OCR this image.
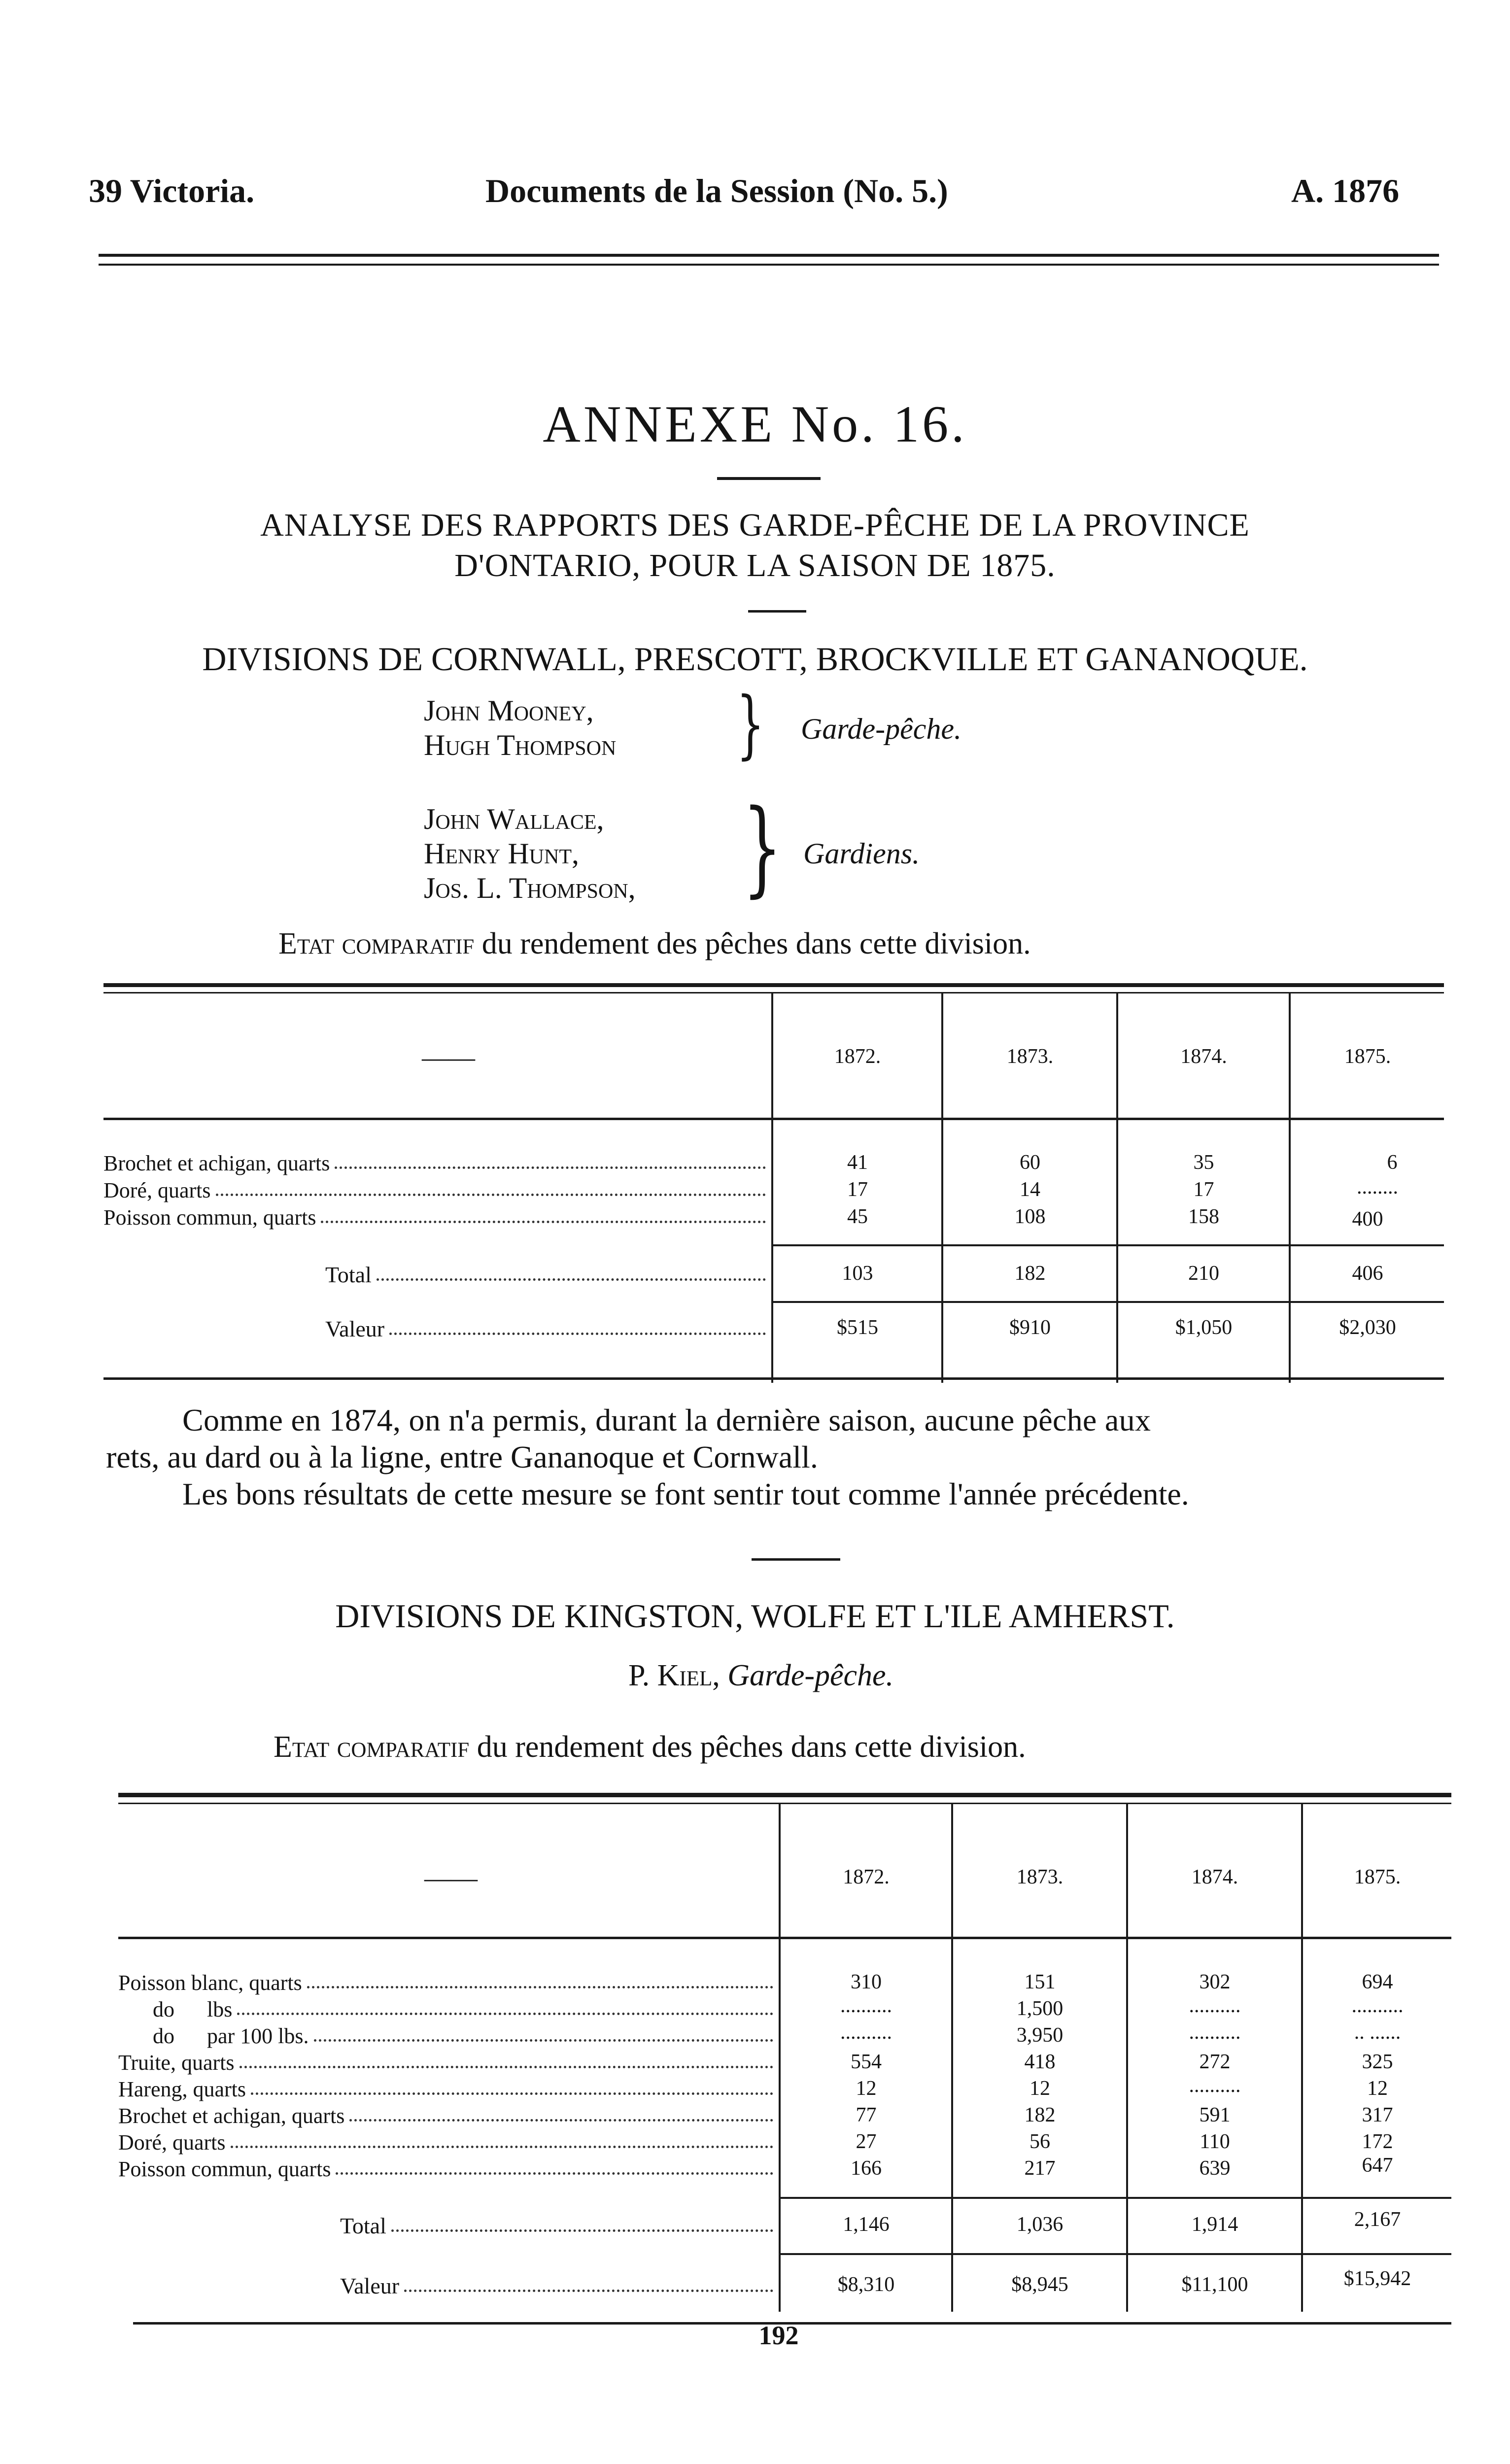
39 Victoria.	Documents de la Session (No. 5.)	A. 1876
ANNEXE No. 16.
ANALYSE DES RAPPORTS DES GARDE-PÊCHE DE LA PROVINCE
D'ONTARIO, POUR LA SAISON DE 1875.
DIVISIONS DE CORNWALL, PRESCOTT, BROCKVILLE ET GANANOQUE.
John Mooney,
Hugh Thompson } Garde-pêche.
John Wallace,
Henry Hunt,
Jos. L. Thompson, } Gardiens.
Etat comparatif du rendement des pêches dans cette division.
——	1872.	1873.	1874.	1875.
Brochet et achigan, quarts	41	60	35	6
Doré, quarts	17	14	17	........
Poisson commun, quarts	45	108	158	400
Total	103	182	210	406
Valeur	$515	$910	$1,050	$2,030
Comme en 1874, on n'a permis, durant la dernière saison, aucune pêche aux
rets, au dard ou à la ligne, entre Gananoque et Cornwall.
Les bons résultats de cette mesure se font sentir tout comme l'année précédente.
DIVISIONS DE KINGSTON, WOLFE ET L'ILE AMHERST.
P. Kiel, Garde-pêche.
Etat comparatif du rendement des pêches dans cette division.
——	1872.	1873.	1874.	1875.
Poisson blanc, quarts	310	151	302	694
do      lbs	..........	1,500	..........	..........
do      par 100 lbs.	..........	3,950	..........	.. ......
Truite, quarts	554	418	272	325
Hareng, quarts	12	12	..........	12
Brochet et achigan, quarts	77	182	591	317
Doré, quarts	27	56	110	172
Poisson commun, quarts	166	217	639	647
Total	1,146	1,036	1,914	2,167
Valeur	$8,310	$8,945	$11,100	$15,942
192
